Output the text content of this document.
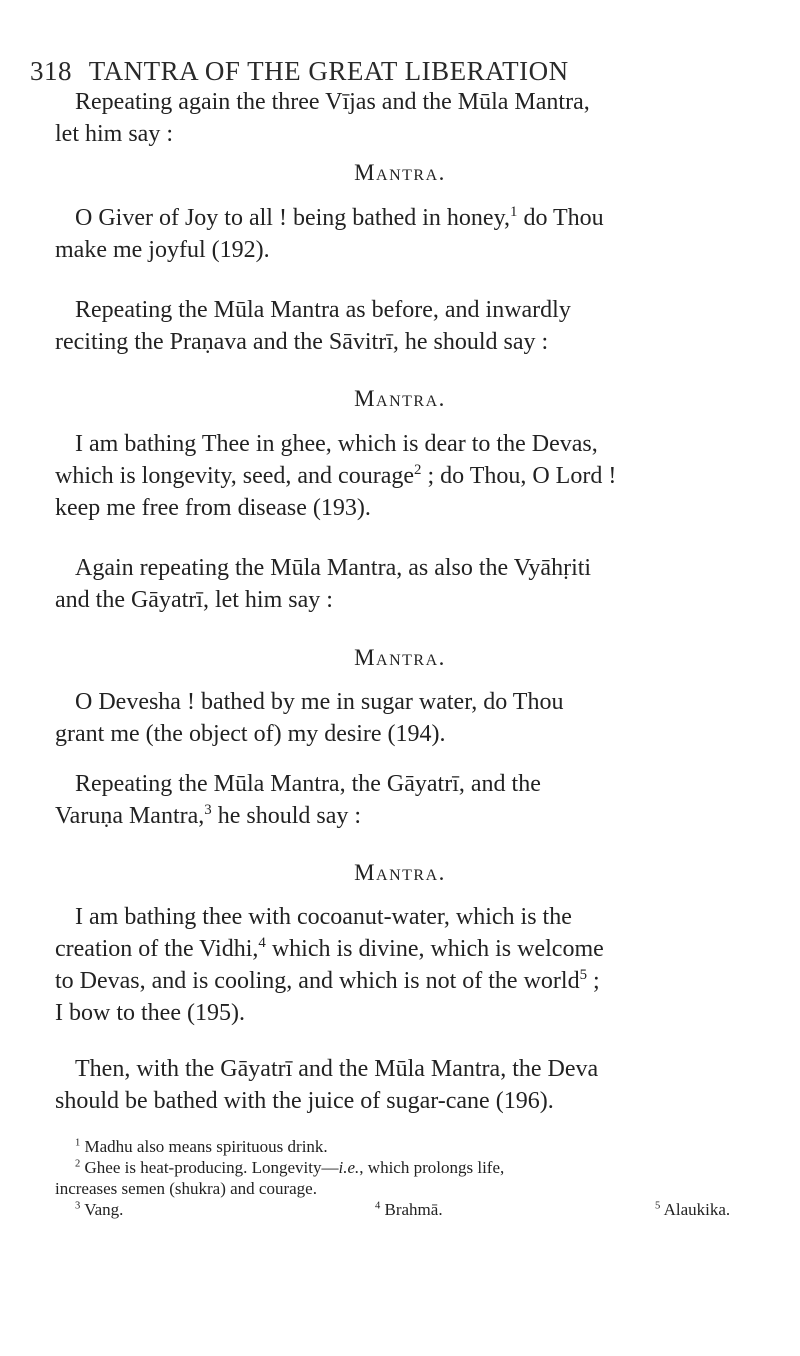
318 TANTRA OF THE GREAT LIBERATION
Repeating again the three Vījas and the Mūla Mantra,
let him say :
Mantra.
O Giver of Joy to all ! being bathed in honey,$^1$ do Thou
make me joyful (192).
Repeating the Mūla Mantra as before, and inwardly
reciting the Praṇava and the Sāvitrī, he should say :
Mantra.
I am bathing Thee in ghee, which is dear to the Devas,
which is longevity, seed, and courage$^2$ ; do Thou, O Lord !
keep me free from disease (193).
Again repeating the Mūla Mantra, as also the Vyāhṛiti
and the Gāyatrī, let him say :
Mantra.
O Devesha ! bathed by me in sugar water, do Thou
grant me (the object of) my desire (194).
Repeating the Mūla Mantra, the Gāyatrī, and the
Varuṇa Mantra,$^3$ he should say :
Mantra.
I am bathing thee with cocoanut-water, which is the
creation of the Vidhi,$^4$ which is divine, which is welcome
to Devas, and is cooling, and which is not of the world$^5$ ;
I bow to thee (195).
Then, with the Gāyatrī and the Mūla Mantra, the Deva
should be bathed with the juice of sugar-cane (196).
$^1$ Madhu also means spirituous drink.
$^2$ Ghee is heat-producing. Longevity—i.e., which prolongs life,
increases semen (shukra) and courage.
$^3$ Vang.	$^4$ Brahmā.	$^5$ Alaukika.
